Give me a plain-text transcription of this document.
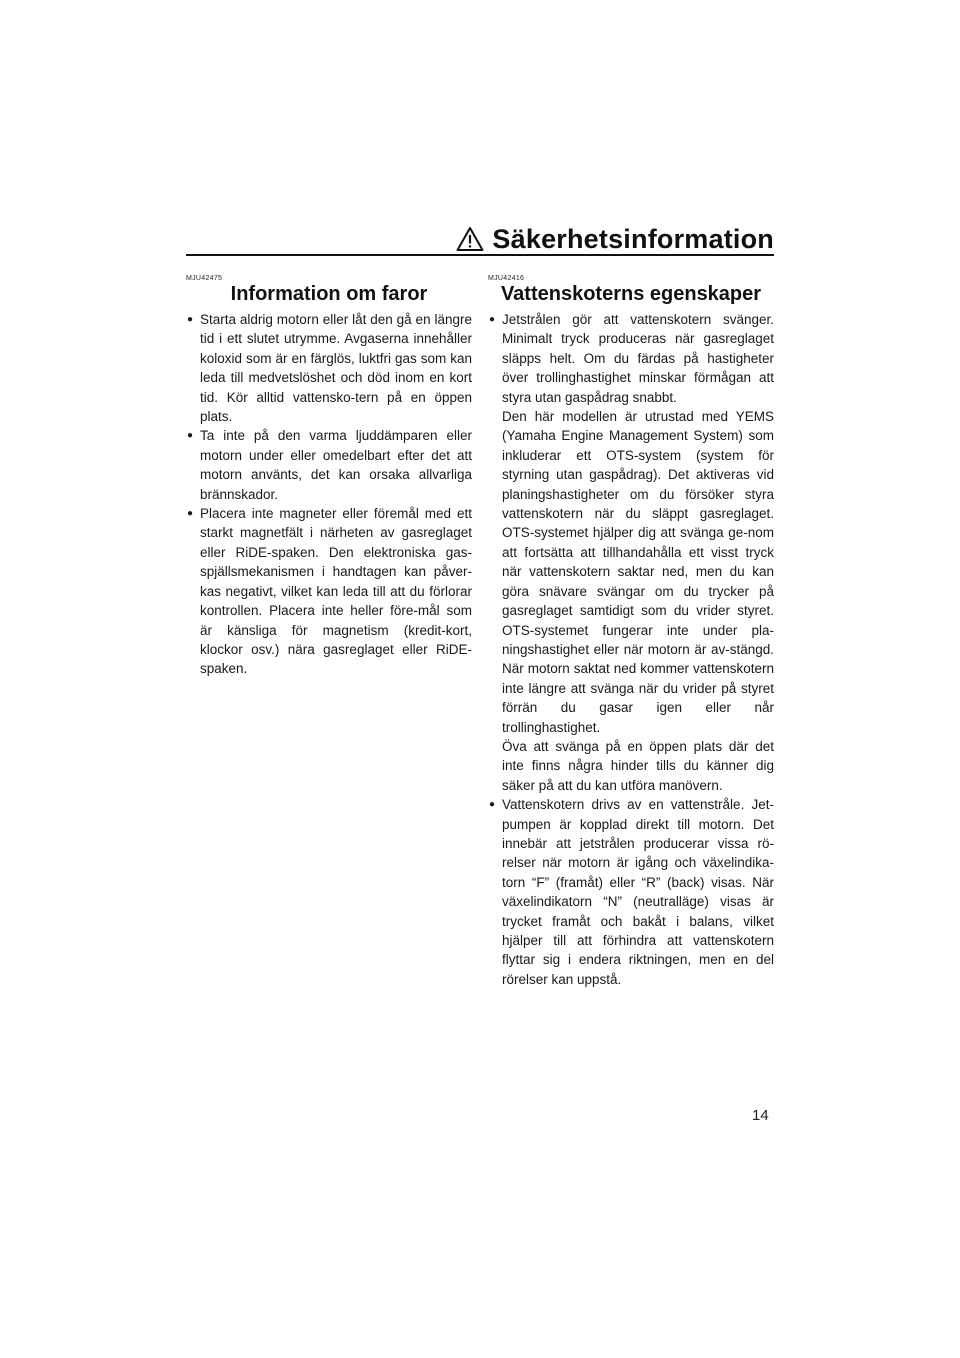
Säkerhetsinformation
MJU42475
Information om faror
● Starta aldrig motorn eller låt den gå en längre tid i ett slutet utrymme. Avgaserna innehåller koloxid som är en färglös, luktfri gas som kan leda till medvetslöshet och död inom en kort tid. Kör alltid vattensko-tern på en öppen plats.

● Ta inte på den varma ljuddämparen eller motorn under eller omedelbart efter det att motorn använts, det kan orsaka allvarliga brännskador.

● Placera inte magneter eller föremål med ett starkt magnetfält i närheten av gasreglaget eller RiDE-spaken. Den elektroniska gas-spjällsmekanismen i handtagen kan påver-kas negativt, vilket kan leda till att du förlorar kontrollen. Placera inte heller före-mål som är känsliga för magnetism (kredit-kort, klockor osv.) nära gasreglaget eller RiDE-spaken.

MJU42416
Vattenskoterns egenskaper
● Jetstrålen gör att vattenskotern svänger. Minimalt tryck produceras när gasreglaget släpps helt. Om du färdas på hastigheter över trollinghastighet minskar förmågan att styra utan gaspådrag snabbt.

Den här modellen är utrustad med YEMS (Yamaha Engine Management System) som inkluderar ett OTS-system (system för styrning utan gaspådrag). Det aktiveras vid planingshastigheter om du försöker styra vattenskotern när du släppt gasreglaget. OTS-systemet hjälper dig att svänga ge-nom att fortsätta att tillhandahålla ett visst tryck när vattenskotern saktar ned, men du kan göra snävare svängar om du trycker på gasreglaget samtidigt som du vrider styret. OTS-systemet fungerar inte under pla-ningshastighet eller när motorn är av-stängd. När motorn saktat ned kommer vattenskotern inte längre att svänga när du vrider på styret förrän du gasar igen eller når trollinghastighet.

Öva att svänga på en öppen plats där det inte finns några hinder tills du känner dig säker på att du kan utföra manövern.

● Vattenskotern drivs av en vattenstråle. Jet-pumpen är kopplad direkt till motorn. Det innebär att jetstrålen producerar vissa rö-relser när motorn är igång och växelindika-torn “F” (framåt) eller “R” (back) visas. När växelindikatorn “N” (neutralläge) visas är trycket framåt och bakåt i balans, vilket hjälper till att förhindra att vattenskotern flyttar sig i endera riktningen, men en del rörelser kan uppstå.

14
